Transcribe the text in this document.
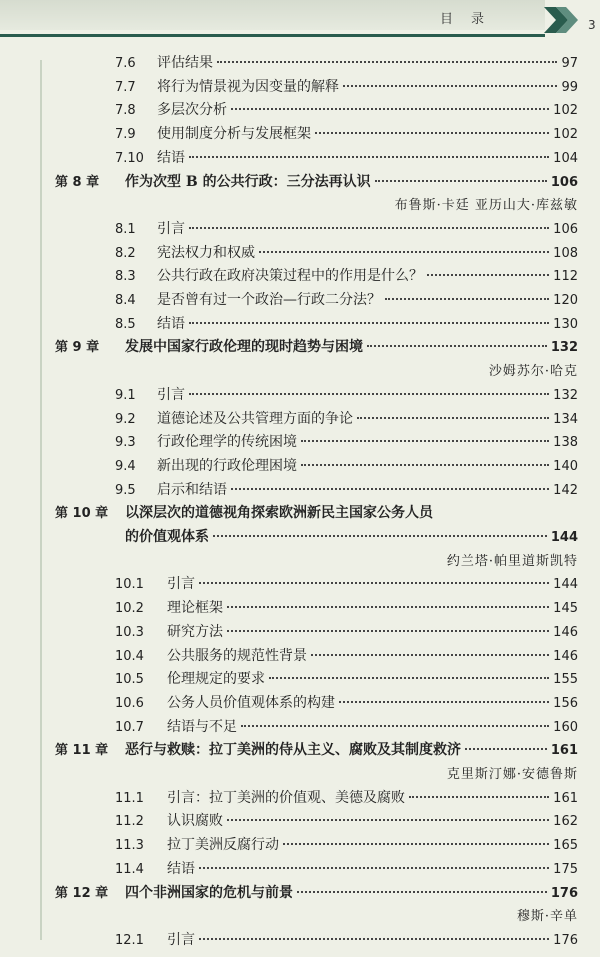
目录	3
7.6	评估结果	97
7.7	将行为情景视为因变量的解释	99
7.8	多层次分析	102
7.9	使用制度分析与发展框架	102
7.10 结语	104
第 8 章	作为次型 B 的公共行政：三分法再认识	106
布鲁斯·卡廷 亚历山大·库兹敏
8.1	引言	106
8.2	宪法权力和权威	108
8.3	公共行政在政府决策过程中的作用是什么？	112
8.4	是否曾有过一个政治—行政二分法？	120
8.5	结语	130
第 9 章	发展中国家行政伦理的现时趋势与困境	132
沙姆苏尔·哈克
9.1	引言	132
9.2	道德论述及公共管理方面的争论	134
9.3	行政伦理学的传统困境	138
9.4	新出现的行政伦理困境	140
9.5	启示和结语	142
第 10 章	以深层次的道德视角探索欧洲新民主国家公务人员
的价值观体系	144
约兰塔·帕里道斯凯特
10.1	引言	144
10.2	理论框架	145
10.3	研究方法	146
10.4	公共服务的规范性背景	146
10.5	伦理规定的要求	155
10.6	公务人员价值观体系的构建	156
10.7	结语与不足	160
第 11 章	恶行与救赎：拉丁美洲的侍从主义、腐败及其制度救济	161
克里斯汀娜·安德鲁斯
11.1	引言：拉丁美洲的价值观、美德及腐败	161
11.2	认识腐败	162
11.3	拉丁美洲反腐行动	165
11.4	结语	175
第 12 章	四个非洲国家的危机与前景	176
穆斯·辛单
12.1	引言	176
